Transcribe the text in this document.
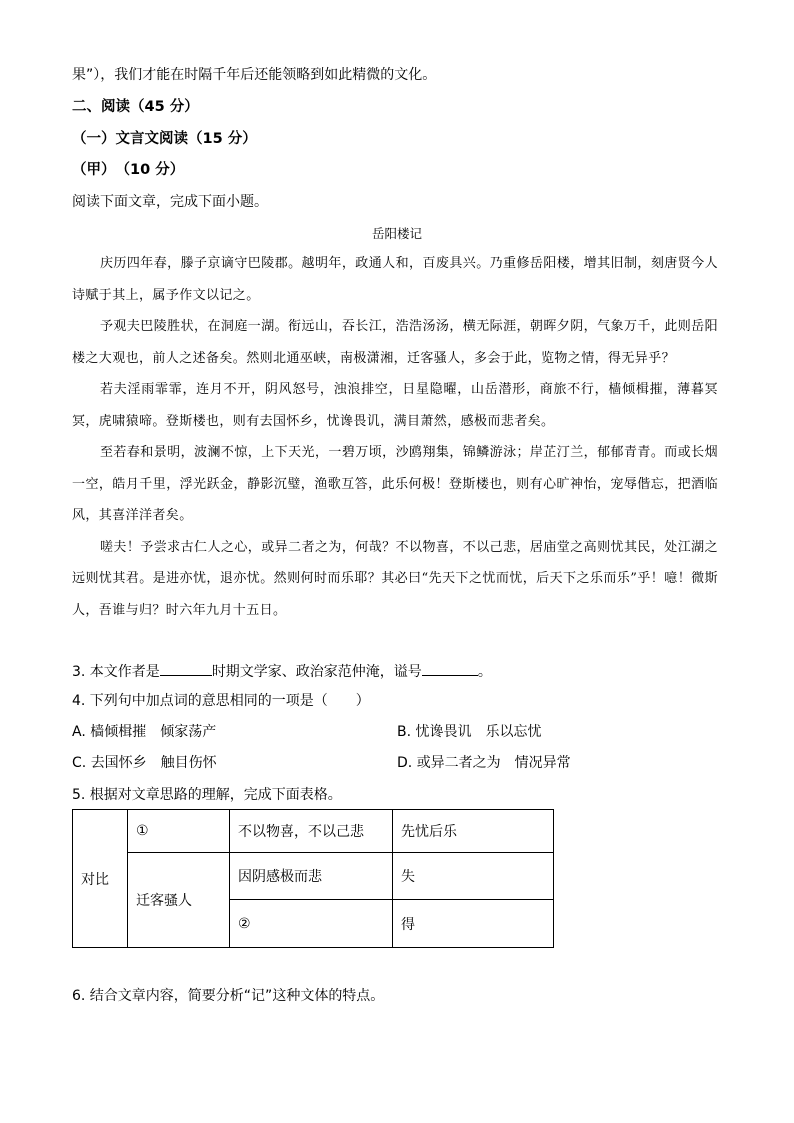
果”），我们才能在时隔千年后还能领略到如此精微的文化。
二、阅读（45 分）
（一）文言文阅读（15 分）
（甲）　（10 分）
阅读下面文章，完成下面小题。
岳阳楼记

庆历四年春，滕子京谪守巴陵郡。越明年，政通人和，百废具兴。乃重修岳阳楼，增其旧制，刻唐贤今人诗赋于其上，属予作文以记之。

予观夫巴陵胜状，在洞庭一湖。衔远山，吞长江，浩浩汤汤，横无际涯，朝晖夕阴，气象万千，此则岳阳楼之大观也，前人之述备矣。然则北通巫峡，南极潇湘，迁客骚人，多会于此，览物之情，得无异乎？

若夫淫雨霏霏，连月不开，阴风怒号，浊浪排空，日星隐曜，山岳潜形，商旅不行，樯倾楫摧，薄暮冥冥，虎啸猿啼。登斯楼也，则有去国怀乡，忧谗畏讥，满目萧然，感极而悲者矣。

至若春和景明，波澜不惊，上下天光，一碧万顷，沙鸥翔集，锦鳞游泳；岸芷汀兰，郁郁青青。而或长烟一空，皓月千里，浮光跃金，静影沉璧，渔歌互答，此乐何极！登斯楼也，则有心旷神怡，宠辱偕忘，把酒临风，其喜洋洋者矣。

嗟夫！予尝求古仁人之心，或异二者之为，何哉？不以物喜，不以己悲，居庙堂之高则忧其民，处江湖之远则忧其君。是进亦忧，退亦忧。然则何时而乐耶？其必曰“先天下之忧而忧，后天下之乐而乐”乎！噫！微斯人，吾谁与归？时六年九月十五日。

3. 本文作者是	时期文学家、政治家范仲淹，谥号	。
4. 下列句中加点词的意思相同的一项是（　　）
A. 樯倾楫摧　倾家荡产	B. 忧谗畏讥　乐以忘忧
C. 去国怀乡　触目伤怀	D. 或异二者之为　情况异常
5. 根据对文章思路的理解，完成下面表格。
对比	①	不以物喜，不以己悲	先忧后乐
	迁客骚人	因阴感极而悲	失
		②	得
6. 结合文章内容，简要分析“记”这种文体的特点。
